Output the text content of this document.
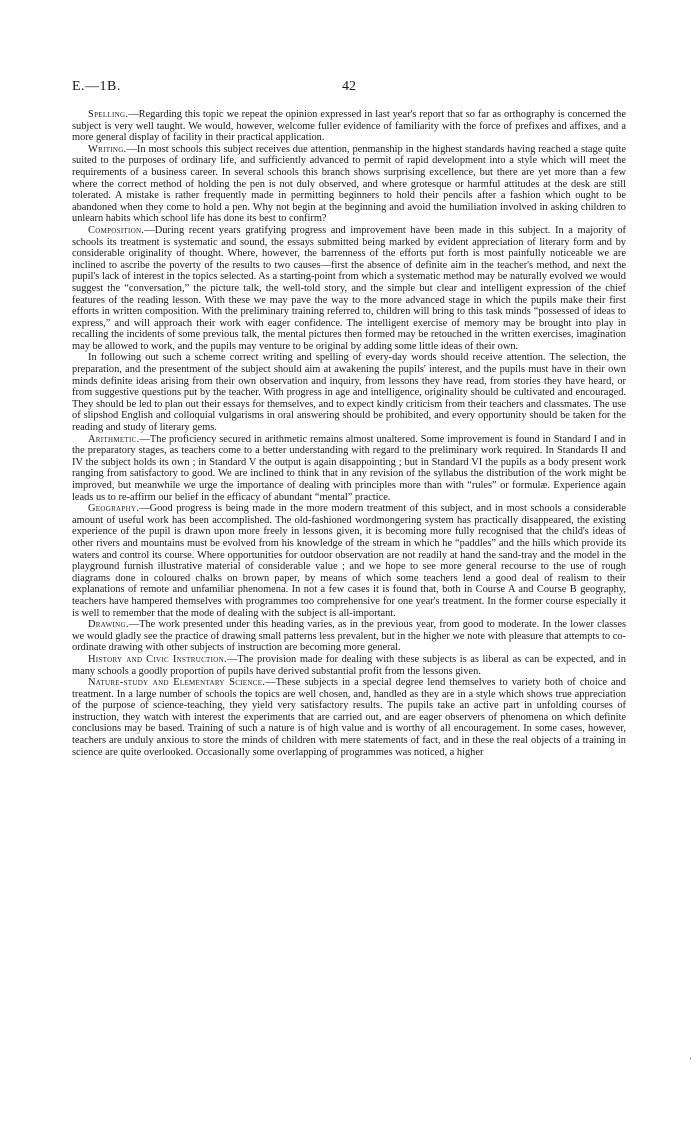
E.—1B.	42

Spelling.—Regarding this topic we repeat the opinion expressed in last year's report that so far as orthography is concerned the subject is very well taught. We would, however, welcome fuller evidence of familiarity with the force of prefixes and affixes, and a more general display of facility in their practical application.

Writing.—In most schools this subject receives due attention, penmanship in the highest standards having reached a stage quite suited to the purposes of ordinary life, and sufficiently advanced to permit of rapid development into a style which will meet the requirements of a business career. In several schools this branch shows surprising excellence, but there are yet more than a few where the correct method of holding the pen is not duly observed, and where grotesque or harmful attitudes at the desk are still tolerated. A mistake is rather frequently made in permitting beginners to hold their pencils after a fashion which ought to be abandoned when they come to hold a pen. Why not begin at the beginning and avoid the humiliation involved in asking children to unlearn habits which school life has done its best to confirm?

Composition.—During recent years gratifying progress and improvement have been made in this subject. In a majority of schools its treatment is systematic and sound, the essays submitted being marked by evident appreciation of literary form and by considerable originality of thought. Where, however, the barrenness of the efforts put forth is most painfully noticeable we are inclined to ascribe the poverty of the results to two causes—first the absence of definite aim in the teacher's method, and next the pupil's lack of interest in the topics selected. As a starting-point from which a systematic method may be naturally evolved we would suggest the “conversation,” the picture talk, the well-told story, and the simple but clear and intelligent expression of the chief features of the reading lesson. With these we may pave the way to the more advanced stage in which the pupils make their first efforts in written composition. With the preliminary training referred to, children will bring to this task minds “possessed of ideas to express,” and will approach their work with eager confidence. The intelligent exercise of memory may be brought into play in recalling the incidents of some previous talk, the mental pictures then formed may be retouched in the written exercises, imagination may be allowed to work, and the pupils may venture to be original by adding some little ideas of their own.

In following out such a scheme correct writing and spelling of every-day words should receive attention. The selection, the preparation, and the presentment of the subject should aim at awakening the pupils' interest, and the pupils must have in their own minds definite ideas arising from their own observation and inquiry, from lessons they have read, from stories they have heard, or from suggestive questions put by the teacher. With progress in age and intelligence, originality should be cultivated and encouraged. They should be led to plan out their essays for themselves, and to expect kindly criticism from their teachers and classmates. The use of slipshod English and colloquial vulgarisms in oral answering should be prohibited, and every opportunity should be taken for the reading and study of literary gems.

Arithmetic.—The proficiency secured in arithmetic remains almost unaltered. Some improvement is found in Standard I and in the preparatory stages, as teachers come to a better understanding with regard to the preliminary work required. In Standards II and IV the subject holds its own ; in Standard V the output is again disappointing ; but in Standard VI the pupils as a body present work ranging from satisfactory to good. We are inclined to think that in any revision of the syllabus the distribution of the work might be improved, but meanwhile we urge the importance of dealing with principles more than with “rules” or formulæ. Experience again leads us to re-affirm our belief in the efficacy of abundant “mental” practice.

Geography.—Good progress is being made in the more modern treatment of this subject, and in most schools a considerable amount of useful work has been accomplished. The old-fashioned wordmongering system has practically disappeared, the existing experience of the pupil is drawn upon more freely in lessons given, it is becoming more fully recognised that the child's ideas of other rivers and mountains must be evolved from his knowledge of the stream in which he “paddles” and the hills which provide its waters and control its course. Where opportunities for outdoor observation are not readily at hand the sand-tray and the model in the playground furnish illustrative material of considerable value ; and we hope to see more general recourse to the use of rough diagrams done in coloured chalks on brown paper, by means of which some teachers lend a good deal of realism to their explanations of remote and unfamiliar phenomena. In not a few cases it is found that, both in Course A and Course B geography, teachers have hampered themselves with programmes too comprehensive for one year's treatment. In the former course especially it is well to remember that the mode of dealing with the subject is all-important.

Drawing.—The work presented under this heading varies, as in the previous year, from good to moderate. In the lower classes we would gladly see the practice of drawing small patterns less prevalent, but in the higher we note with pleasure that attempts to co-ordinate drawing with other subjects of instruction are becoming more general.

History and Civic Instruction.—The provision made for dealing with these subjects is as liberal as can be expected, and in many schools a goodly proportion of pupils have derived substantial profit from the lessons given.

Nature-study and Elementary Science.—These subjects in a special degree lend themselves to variety both of choice and treatment. In a large number of schools the topics are well chosen, and, handled as they are in a style which shows true appreciation of the purpose of science-teaching, they yield very satisfactory results. The pupils take an active part in unfolding courses of instruction, they watch with interest the experiments that are carried out, and are eager observers of phenomena on which definite conclusions may be based. Training of such a nature is of high value and is worthy of all encouragement. In some cases, however, teachers are unduly anxious to store the minds of children with mere statements of fact, and in these the real objects of a training in science are quite overlooked. Occasionally some overlapping of programmes was noticed, a higher

’
